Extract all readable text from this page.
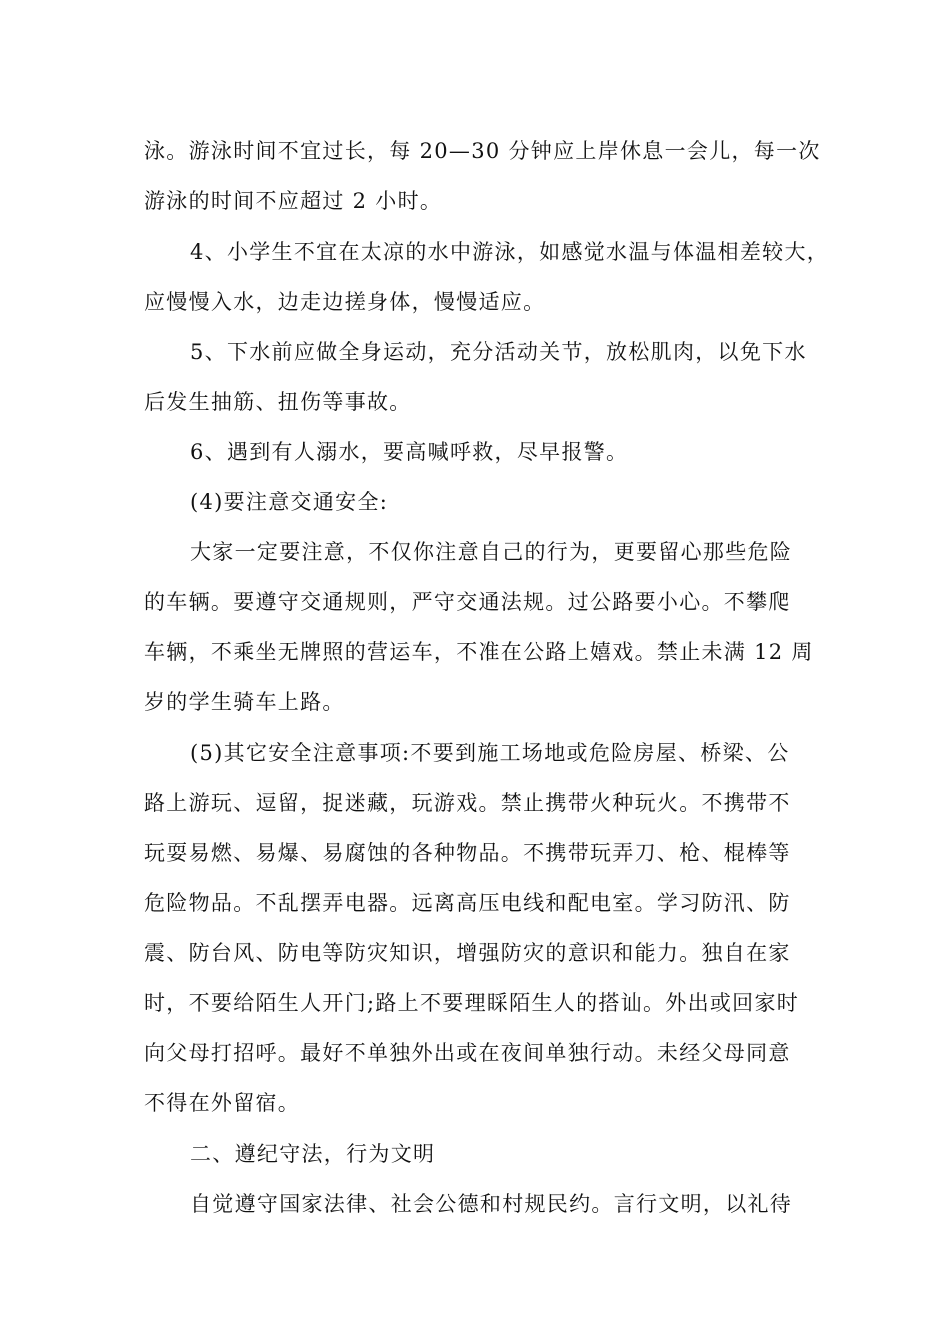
泳。游泳时间不宜过长，每 20—30 分钟应上岸休息一会儿，每一次
游泳的时间不应超过 2 小时。
4、小学生不宜在太凉的水中游泳，如感觉水温与体温相差较大，
应慢慢入水，边走边搓身体，慢慢适应。
5、下水前应做全身运动，充分活动关节，放松肌肉，以免下水
后发生抽筋、扭伤等事故。
6、遇到有人溺水，要高喊呼救，尽早报警。
(4)要注意交通安全:
大家一定要注意，不仅你注意自己的行为，更要留心那些危险
的车辆。要遵守交通规则，严守交通法规。过公路要小心。不攀爬
车辆，不乘坐无牌照的营运车，不准在公路上嬉戏。禁止未满 12 周
岁的学生骑车上路。
(5)其它安全注意事项:不要到施工场地或危险房屋、桥梁、公
路上游玩、逗留，捉迷藏，玩游戏。禁止携带火种玩火。不携带不
玩耍易燃、易爆、易腐蚀的各种物品。不携带玩弄刀、枪、棍棒等
危险物品。不乱摆弄电器。远离高压电线和配电室。学习防汛、防
震、防台风、防电等防灾知识，增强防灾的意识和能力。独自在家
时，不要给陌生人开门;路上不要理睬陌生人的搭讪。外出或回家时
向父母打招呼。最好不单独外出或在夜间单独行动。未经父母同意
不得在外留宿。
二、遵纪守法，行为文明
自觉遵守国家法律、社会公德和村规民约。言行文明，以礼待
